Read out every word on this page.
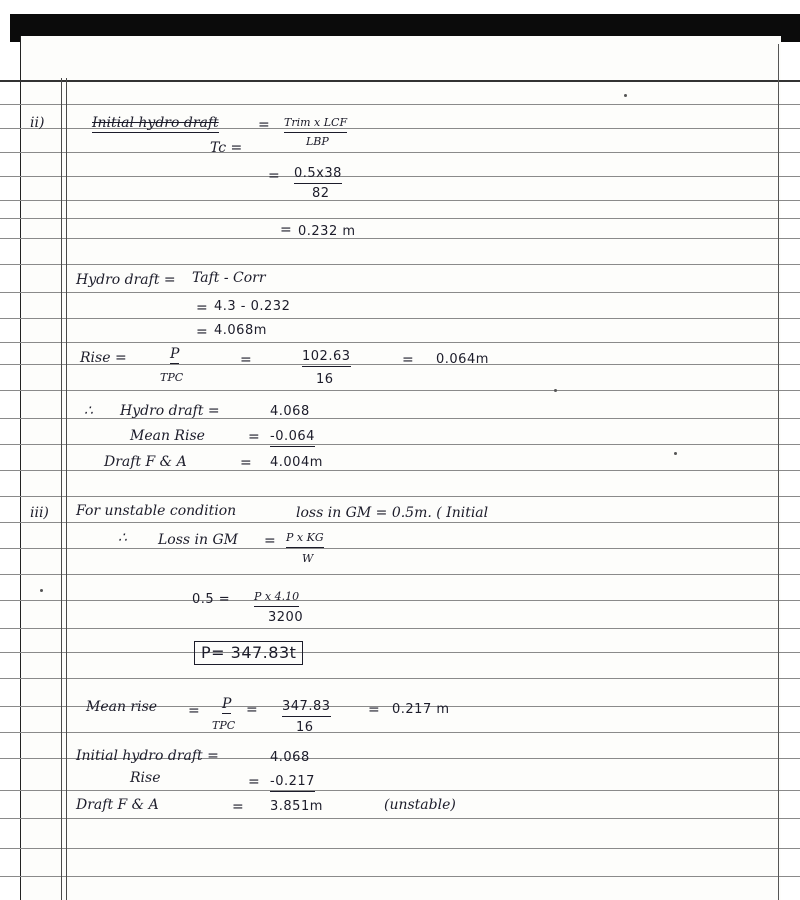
ii)	Initial hydro draft	= Trim x LCF
LBP
Tc =
= 0.5x38
82
= 0.232 m
Hydro draft = Taft - Corr
= 4.3 - 0.232
= 4.068m
Rise =	P
TPC
=	102.63
16
= 0.064m
∴ Hydro draft =	4.068
Mean Rise	= -0.064
Draft F & A	= 4.004m
iii) For unstable condition	loss in GM = 0.5m. ( Initial
∴ Loss in GM = P x KG
W
0.5 = P x 4.10
3200
P= 347.83t
Mean rise = P
TPC
= 347.83
16
= 0.217 m
Initial hydro draft =	4.068
Rise	= -0.217
Draft F & A	= 3.851m	(unstable)
